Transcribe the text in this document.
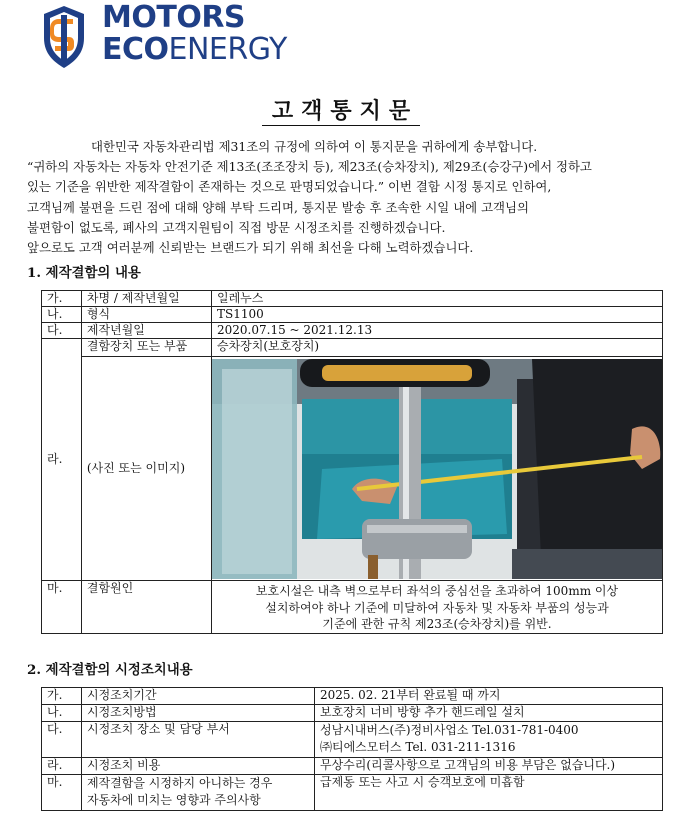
MOTORS
ECOENERGY
고객통지문

대한민국 자동차관리법 제31조의 규정에 의하여 이 통지문을 귀하에게 송부합니다.

“귀하의 자동차는 자동차 안전기준 제13조(조조장치 등), 제23조(승차장치), 제29조(승강구)에서 정하고

있는 기준을 위반한 제작결함이 존재하는 것으로 판명되었습니다.” 이번 결함 시정 통지로 인하여,

고객님께 불편을 드린 점에 대해 양해 부탁 드리며, 통지문 발송 후 조속한 시일 내에 고객님의

불편함이 없도록, 폐사의 고객지원팀이 직접 방문 시정조치를 진행하겠습니다.

앞으로도 고객 여러분께 신뢰받는 브랜드가 되기 위해 최선을 다해 노력하겠습니다.

1. 제작결함의 내용
가.	차명 / 제작년월일	일레누스
나.	형식	TS1100
다.	제작년월일	2020.07.15 ~ 2021.12.13
라.	결함장치 또는 부품	승차장치(보호장치)
	(사진 또는 이미지)	

마.	결함원인	보호시설은 내측 벽으로부터 좌석의 중심선을 초과하여 100mm 이상
설치하여야 하나 기준에 미달하여 자동차 및 자동차 부품의 성능과
기준에 관한 규칙 제23조(승차장치)를 위반.
2. 제작결함의 시정조치내용
가.	시정조치기간	2025. 02. 21부터 완료될 때 까지
나.	시정조치방법	보호장치 너비 방향 추가 핸드레일 설치
다.	시정조치 장소 및 담당 부서	성남시내버스(주)정비사업소 Tel.031-781-0400
㈜티에스모터스 Tel. 031-211-1316

라.	시정조치 비용	무상수리(리콜사항으로 고객님의 비용 부담은 없습니다.)
마.	제작결함을 시정하지 아니하는 경우
자동차에 미치는 영향과 주의사항	급제동 또는 사고 시 승객보호에 미흡함
